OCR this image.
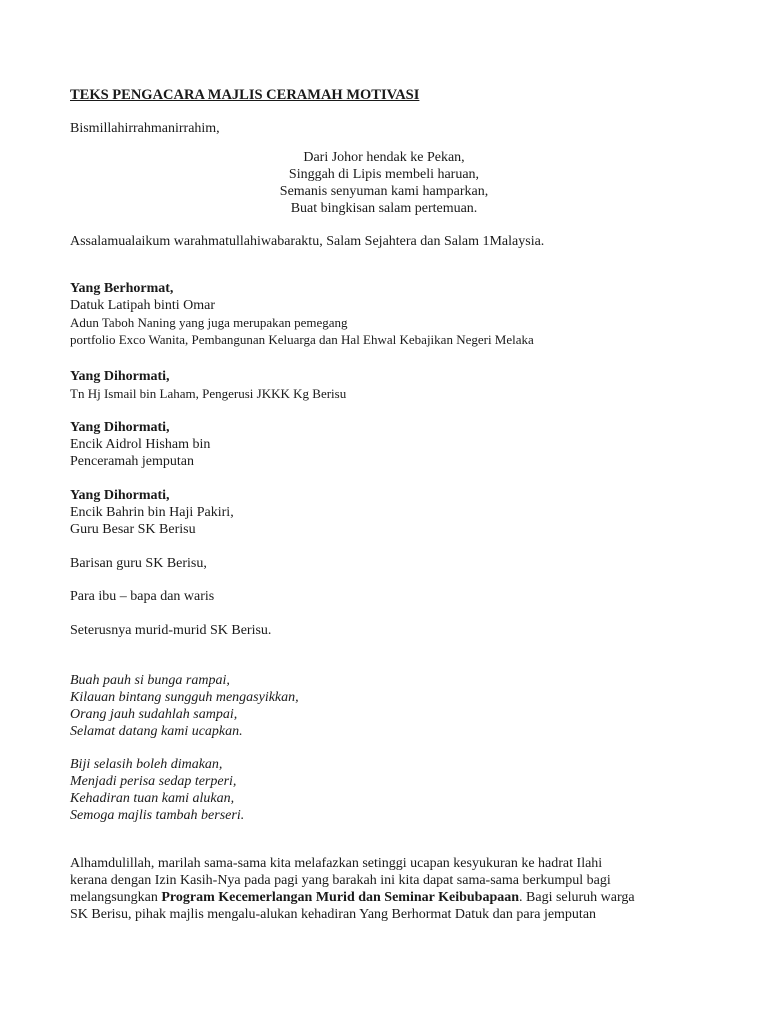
TEKS PENGACARA MAJLIS CERAMAH MOTIVASI
Bismillahirrahmanirrahim,
Dari Johor hendak ke Pekan,
Singgah di Lipis membeli haruan,
Semanis senyuman kami hamparkan,
Buat bingkisan salam pertemuan.
Assalamualaikum warahmatullahiwabaraktu, Salam Sejahtera dan Salam 1Malaysia.
Yang Berhormat,
Datuk Latipah binti Omar
Adun Taboh Naning yang juga merupakan pemegang
portfolio Exco Wanita, Pembangunan Keluarga dan Hal Ehwal Kebajikan Negeri Melaka
Yang Dihormati,
Tn Hj Ismail bin Laham, Pengerusi JKKK Kg Berisu
Yang Dihormati,
Encik Aidrol Hisham bin
Penceramah jemputan
Yang Dihormati,
Encik Bahrin bin Haji Pakiri,
Guru Besar SK Berisu
Barisan guru SK Berisu,
Para ibu – bapa dan waris
Seterusnya murid-murid SK Berisu.
Buah pauh si bunga rampai,
Kilauan bintang sungguh mengasyikkan,
Orang jauh sudahlah sampai,
Selamat datang kami ucapkan.
Biji selasih boleh dimakan,
Menjadi perisa sedap terperi,
Kehadiran tuan kami alukan,
Semoga majlis tambah berseri.
Alhamdulillah, marilah sama-sama kita melafazkan setinggi ucapan kesyukuran ke hadrat Ilahi
kerana dengan Izin Kasih-Nya pada pagi yang barakah ini kita dapat sama-sama berkumpul bagi
melangsungkan Program Kecemerlangan Murid dan Seminar Keibubapaan. Bagi seluruh warga
SK Berisu, pihak majlis mengalu-alukan kehadiran Yang Berhormat Datuk dan para jemputan
